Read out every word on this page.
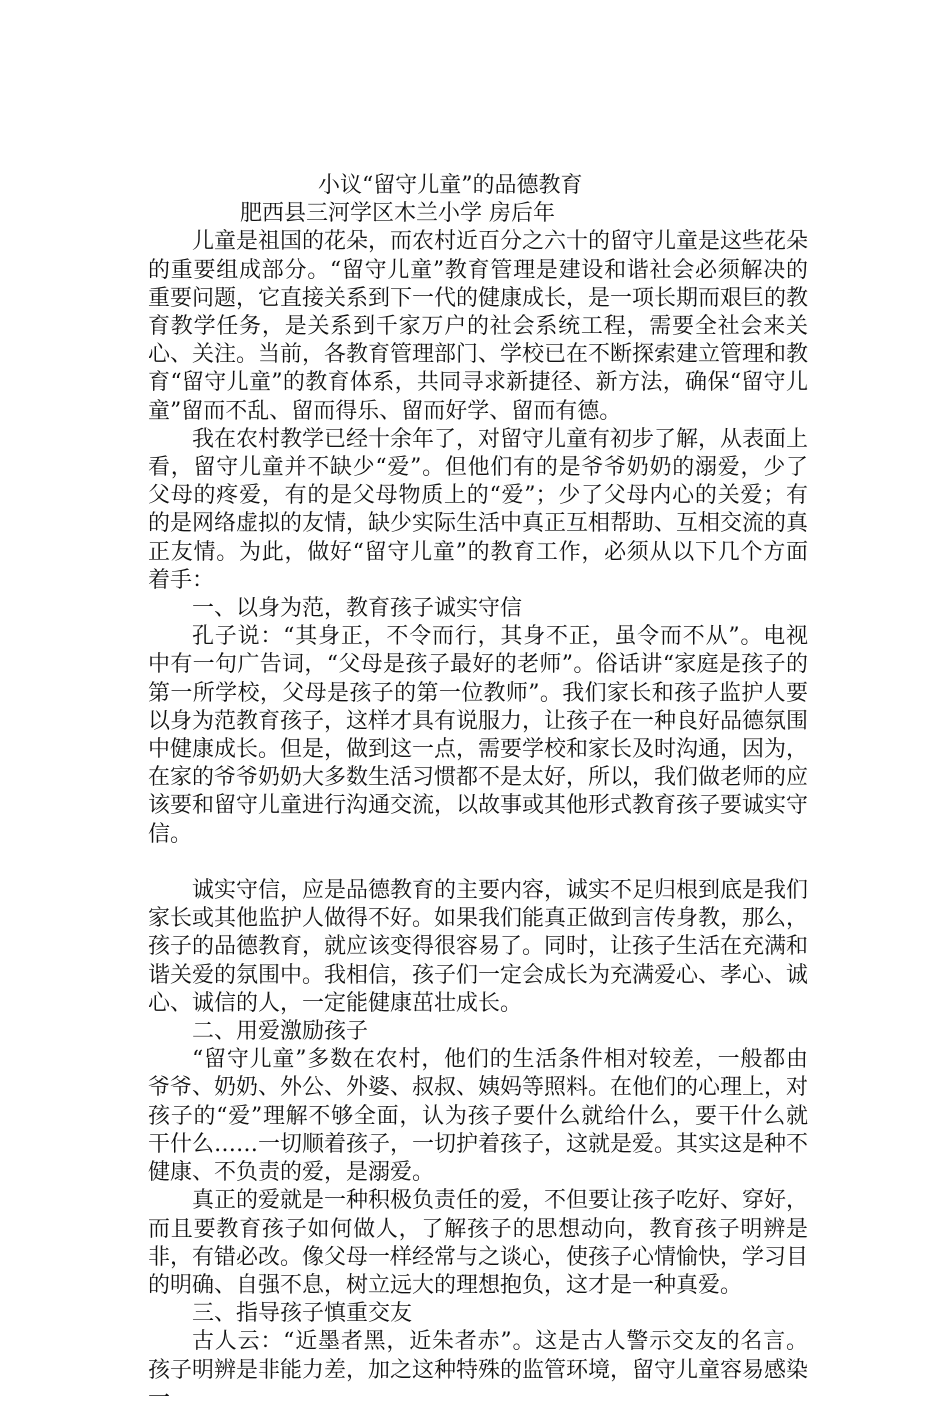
小议“留守儿童”的品德教育

肥西县三河学区木兰小学 房后年

儿童是祖国的花朵，而农村近百分之六十的留守儿童是这些花朵的重要组成部分。“留守儿童”教育管理是建设和谐社会必须解决的重要问题，它直接关系到下一代的健康成长，是一项长期而艰巨的教育教学任务，是关系到千家万户的社会系统工程，需要全社会来关心、关注。当前，各教育管理部门、学校已在不断探索建立管理和教育“留守儿童”的教育体系，共同寻求新捷径、新方法，确保“留守儿童”留而不乱、留而得乐、留而好学、留而有德。

我在农村教学已经十余年了，对留守儿童有初步了解，从表面上看，留守儿童并不缺少“爱”。但他们有的是爷爷奶奶的溺爱，少了父母的疼爱，有的是父母物质上的“爱”；少了父母内心的关爱；有的是网络虚拟的友情，缺少实际生活中真正互相帮助、互相交流的真正友情。为此，做好“留守儿童”的教育工作，必须从以下几个方面着手：

一、以身为范，教育孩子诚实守信

孔子说：“其身正，不令而行，其身不正，虽令而不从”。电视中有一句广告词，“父母是孩子最好的老师”。俗话讲“家庭是孩子的第一所学校，父母是孩子的第一位教师”。我们家长和孩子监护人要以身为范教育孩子，这样才具有说服力，让孩子在一种良好品德氛围中健康成长。但是，做到这一点，需要学校和家长及时沟通，因为，在家的爷爷奶奶大多数生活习惯都不是太好，所以，我们做老师的应该要和留守儿童进行沟通交流，以故事或其他形式教育孩子要诚实守信。

诚实守信，应是品德教育的主要内容，诚实不足归根到底是我们家长或其他监护人做得不好。如果我们能真正做到言传身教，那么，孩子的品德教育，就应该变得很容易了。同时，让孩子生活在充满和谐关爱的氛围中。我相信，孩子们一定会成长为充满爱心、孝心、诚心、诚信的人，一定能健康茁壮成长。

二、用爱激励孩子

“留守儿童”多数在农村，他们的生活条件相对较差，一般都由爷爷、奶奶、外公、外婆、叔叔、姨妈等照料。在他们的心理上，对孩子的“爱”理解不够全面，认为孩子要什么就给什么，要干什么就干什么……一切顺着孩子，一切护着孩子，这就是爱。其实这是种不健康、不负责的爱，是溺爱。

真正的爱就是一种积极负责任的爱，不但要让孩子吃好、穿好，而且要教育孩子如何做人，了解孩子的思想动向，教育孩子明辨是非，有错必改。像父母一样经常与之谈心，使孩子心情愉快，学习目的明确、自强不息，树立远大的理想抱负，这才是一种真爱。

三、指导孩子慎重交友

古人云：“近墨者黑，近朱者赤”。这是古人警示交友的名言。孩子明辨是非能力差，加之这种特殊的监管环境，留守儿童容易感染一
